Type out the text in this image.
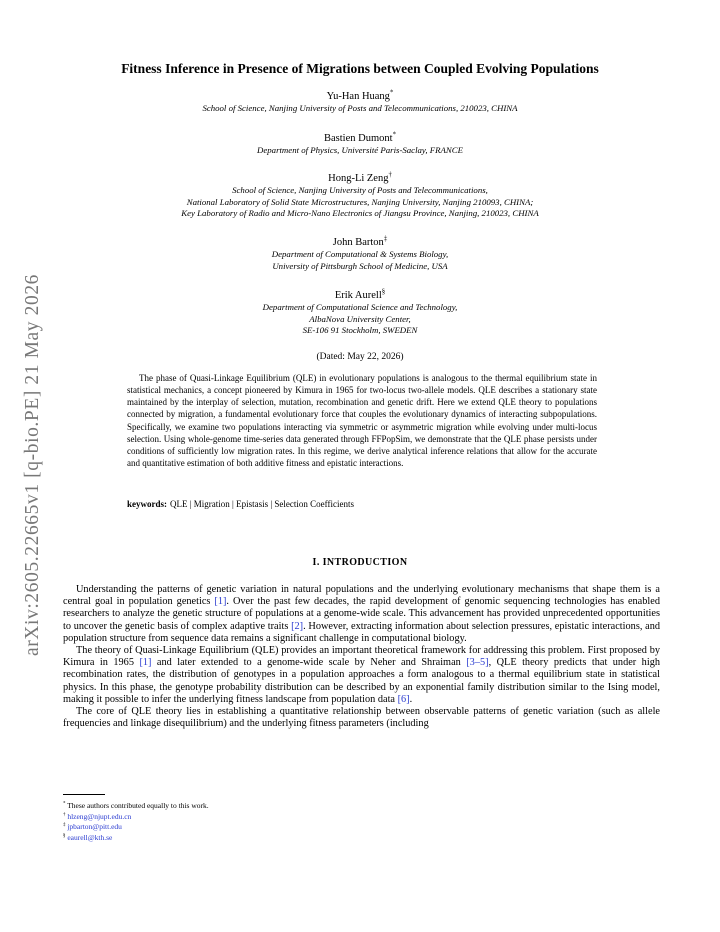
arXiv:2605.22665v1 [q-bio.PE] 21 May 2026
Fitness Inference in Presence of Migrations between Coupled Evolving Populations
Yu-Han Huang*
School of Science, Nanjing University of Posts and Telecommunications, 210023, CHINA
Bastien Dumont*
Department of Physics, Université Paris-Saclay, FRANCE
Hong-Li Zeng†
School of Science, Nanjing University of Posts and Telecommunications,
National Laboratory of Solid State Microstructures, Nanjing University, Nanjing 210093, CHINA;
Key Laboratory of Radio and Micro-Nano Electronics of Jiangsu Province, Nanjing, 210023, CHINA
John Barton‡
Department of Computational & Systems Biology,
University of Pittsburgh School of Medicine, USA
Erik Aurell§
Department of Computational Science and Technology,
AlbaNova University Center,
SE-106 91 Stockholm, SWEDEN
(Dated: May 22, 2026)

The phase of Quasi-Linkage Equilibrium (QLE) in evolutionary populations is analogous to the thermal equilibrium state in statistical mechanics, a concept pioneered by Kimura in 1965 for two-locus two-allele models. QLE describes a stationary state maintained by the interplay of selection, mutation, recombination and genetic drift. Here we extend QLE theory to populations connected by migration, a fundamental evolutionary force that couples the evolutionary dynamics of interacting subpopulations. Specifically, we examine two populations interacting via symmetric or asymmetric migration while evolving under multi-locus selection. Using whole-genome time-series data generated through FFPopSim, we demonstrate that the QLE phase persists under conditions of sufficiently low migration rates. In this regime, we derive analytical inference relations that allow for the accurate and quantitative estimation of both additive fitness and epistatic interactions.

keywords: QLE | Migration | Epistasis | Selection Coefficients
I. INTRODUCTION

Understanding the patterns of genetic variation in natural populations and the underlying evolutionary mechanisms that shape them is a central goal in population genetics [1]. Over the past few decades, the rapid development of genomic sequencing technologies has enabled researchers to analyze the genetic structure of populations at a genome-wide scale. This advancement has provided unprecedented opportunities to uncover the genetic basis of complex adaptive traits [2]. However, extracting information about selection pressures, epistatic interactions, and population structure from sequence data remains a significant challenge in computational biology.

The theory of Quasi-Linkage Equilibrium (QLE) provides an important theoretical framework for addressing this problem. First proposed by Kimura in 1965 [1] and later extended to a genome-wide scale by Neher and Shraiman [3–5], QLE theory predicts that under high recombination rates, the distribution of genotypes in a population approaches a form analogous to a thermal equilibrium state in statistical physics. In this phase, the genotype probability distribution can be described by an exponential family distribution similar to the Ising model, making it possible to infer the underlying fitness landscape from population data [6].

The core of QLE theory lies in establishing a quantitative relationship between observable patterns of genetic variation (such as allele frequencies and linkage disequilibrium) and the underlying fitness parameters (including

* These authors contributed equally to this work.
† hlzeng@njupt.edu.cn
‡ jpbarton@pitt.edu
§ eaurell@kth.se
